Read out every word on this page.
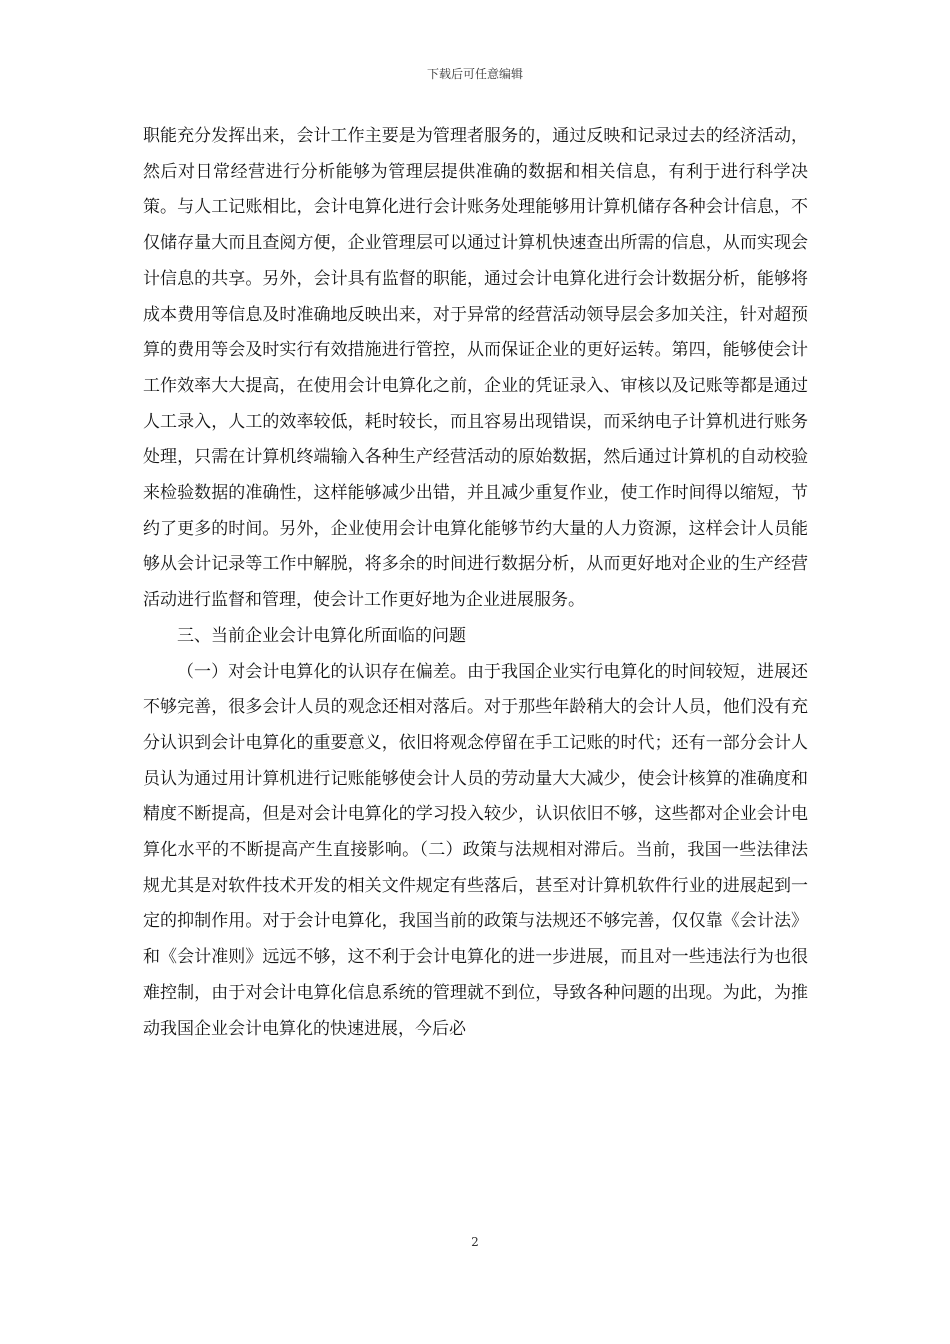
下载后可任意编辑

职能充分发挥出来，会计工作主要是为管理者服务的，通过反映和记录过去的经济活动，然后对日常经营进行分析能够为管理层提供准确的数据和相关信息，有利于进行科学决策。与人工记账相比，会计电算化进行会计账务处理能够用计算机储存各种会计信息，不仅储存量大而且查阅方便，企业管理层可以通过计算机快速查出所需的信息，从而实现会计信息的共享。另外，会计具有监督的职能，通过会计电算化进行会计数据分析，能够将成本费用等信息及时准确地反映出来，对于异常的经营活动领导层会多加关注，针对超预算的费用等会及时实行有效措施进行管控，从而保证企业的更好运转。第四，能够使会计工作效率大大提高，在使用会计电算化之前，企业的凭证录入、审核以及记账等都是通过人工录入，人工的效率较低，耗时较长，而且容易出现错误，而采纳电子计算机进行账务处理，只需在计算机终端输入各种生产经营活动的原始数据，然后通过计算机的自动校验来检验数据的准确性，这样能够减少出错，并且减少重复作业，使工作时间得以缩短，节约了更多的时间。另外，企业使用会计电算化能够节约大量的人力资源，这样会计人员能够从会计记录等工作中解脱，将多余的时间进行数据分析，从而更好地对企业的生产经营活动进行监督和管理，使会计工作更好地为企业进展服务。

三、当前企业会计电算化所面临的问题

（一）对会计电算化的认识存在偏差。由于我国企业实行电算化的时间较短，进展还不够完善，很多会计人员的观念还相对落后。对于那些年龄稍大的会计人员，他们没有充分认识到会计电算化的重要意义，依旧将观念停留在手工记账的时代；还有一部分会计人员认为通过用计算机进行记账能够使会计人员的劳动量大大减少，使会计核算的准确度和精度不断提高，但是对会计电算化的学习投入较少，认识依旧不够，这些都对企业会计电算化水平的不断提高产生直接影响。（二）政策与法规相对滞后。当前，我国一些法律法规尤其是对软件技术开发的相关文件规定有些落后，甚至对计算机软件行业的进展起到一定的抑制作用。对于会计电算化，我国当前的政策与法规还不够完善，仅仅靠《会计法》和《会计准则》远远不够，这不利于会计电算化的进一步进展，而且对一些违法行为也很难控制，由于对会计电算化信息系统的管理就不到位，导致各种问题的出现。为此，为推动我国企业会计电算化的快速进展，今后必

2
